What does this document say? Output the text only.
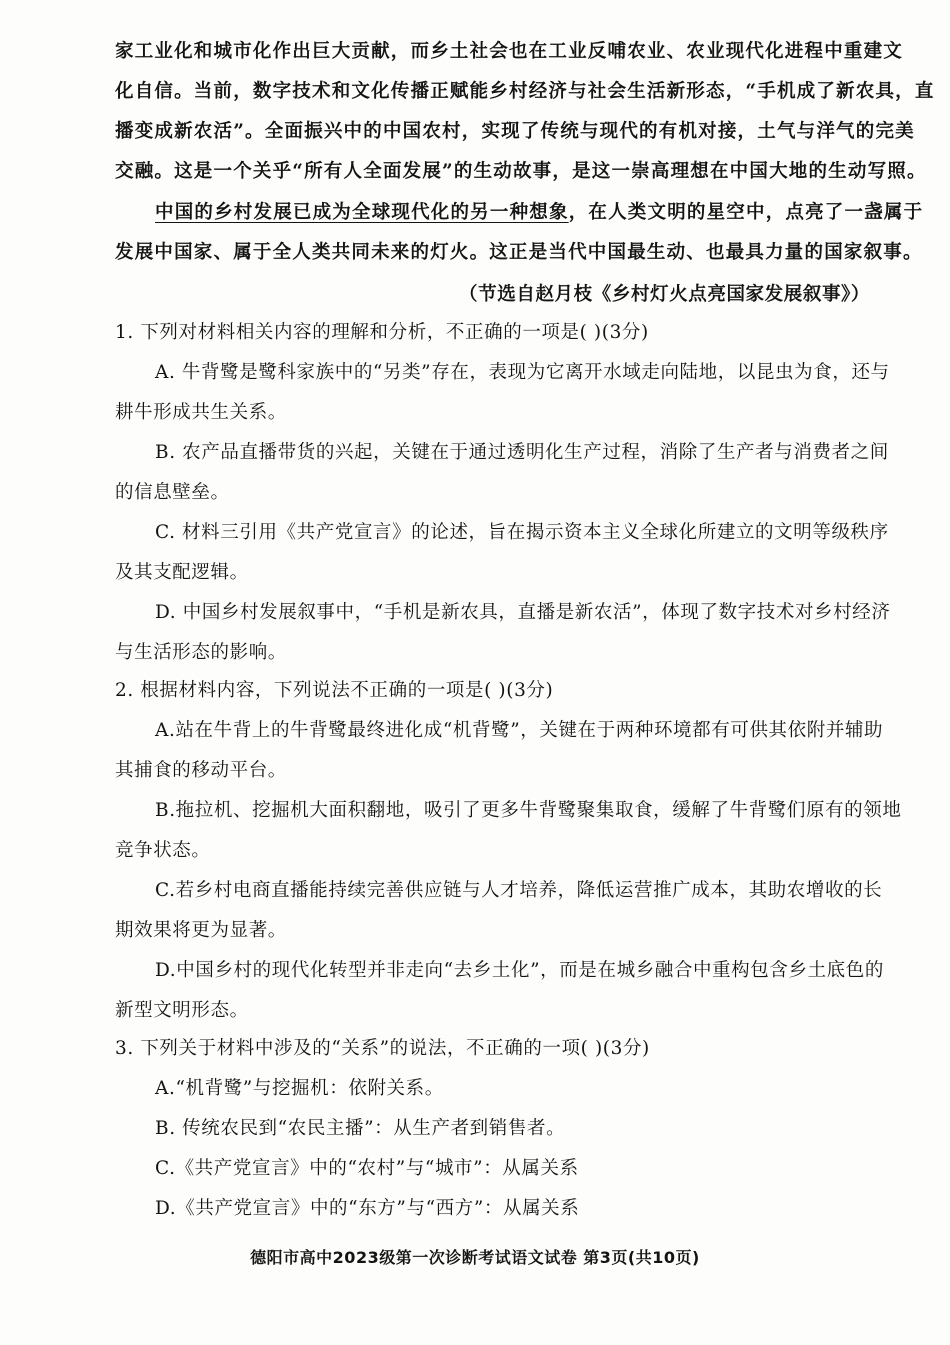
家工业化和城市化作出巨大贡献，而乡土社会也在工业反哺农业、农业现代化进程中重建文
化自信。当前，数字技术和文化传播正赋能乡村经济与社会生活新形态，“手机成了新农具，直
播变成新农活”。全面振兴中的中国农村，实现了传统与现代的有机对接，土气与洋气的完美
交融。这是一个关乎“所有人全面发展”的生动故事，是这一崇高理想在中国大地的生动写照。
中国的乡村发展已成为全球现代化的另一种想象，在人类文明的星空中，点亮了一盏属于
发展中国家、属于全人类共同未来的灯火。这正是当代中国最生动、也最具力量的国家叙事。
（节选自赵月枝《乡村灯火点亮国家发展叙事》）
1. 下列对材料相关内容的理解和分析，不正确的一项是( )(3分)
A. 牛背鹭是鹭科家族中的“另类”存在，表现为它离开水域走向陆地，以昆虫为食，还与
耕牛形成共生关系。
B. 农产品直播带货的兴起，关键在于通过透明化生产过程，消除了生产者与消费者之间
的信息壁垒。
C. 材料三引用《共产党宣言》的论述，旨在揭示资本主义全球化所建立的文明等级秩序
及其支配逻辑。
D. 中国乡村发展叙事中，“手机是新农具，直播是新农活”，体现了数字技术对乡村经济
与生活形态的影响。
2. 根据材料内容，下列说法不正确的一项是( )(3分)
A.站在牛背上的牛背鹭最终进化成“机背鹭”，关键在于两种环境都有可供其依附并辅助
其捕食的移动平台。
B.拖拉机、挖掘机大面积翻地，吸引了更多牛背鹭聚集取食，缓解了牛背鹭们原有的领地
竞争状态。
C.若乡村电商直播能持续完善供应链与人才培养，降低运营推广成本，其助农增收的长
期效果将更为显著。
D.中国乡村的现代化转型并非走向“去乡土化”，而是在城乡融合中重构包含乡土底色的
新型文明形态。
3. 下列关于材料中涉及的“关系”的说法，不正确的一项( )(3分)
A.“机背鹭”与挖掘机：依附关系。
B. 传统农民到“农民主播”：从生产者到销售者。
C.《共产党宣言》中的“农村”与“城市”：从属关系
D.《共产党宣言》中的“东方”与“西方”：从属关系
德阳市高中2023级第一次诊断考试语文试卷 第3页(共10页)
